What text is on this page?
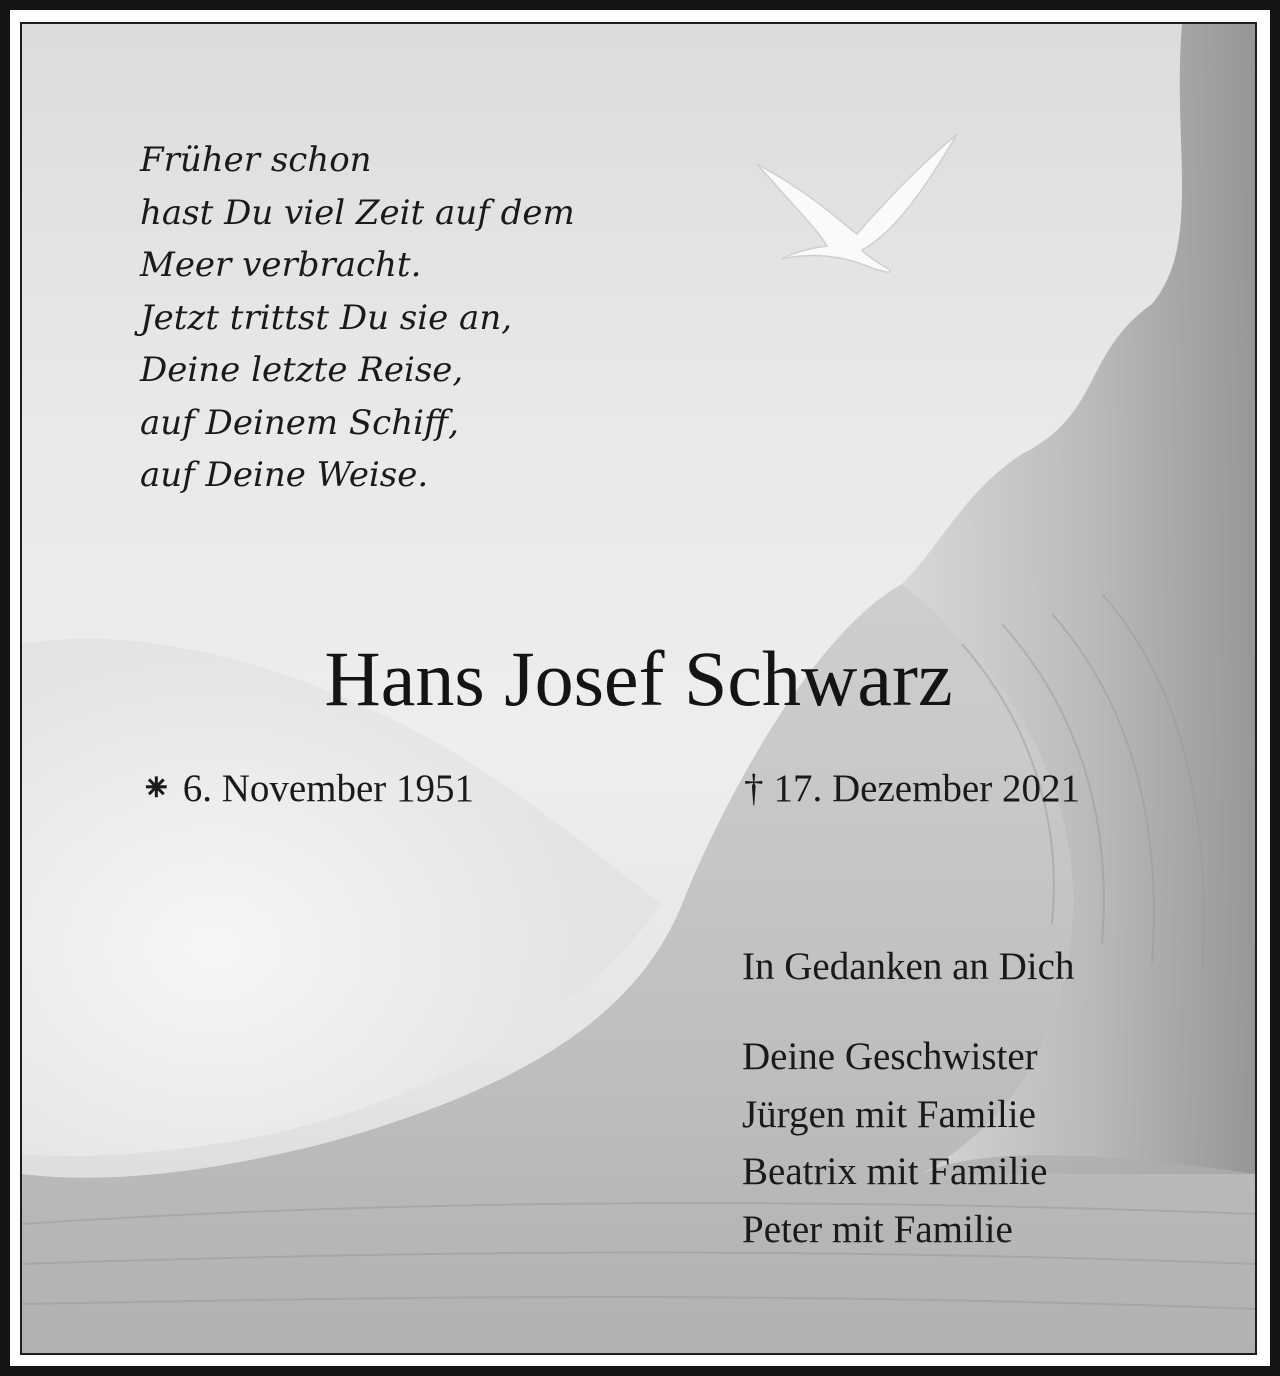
Früher schon
hast Du viel Zeit auf dem
Meer verbracht.
Jetzt trittst Du sie an,
Deine letzte Reise,
auf Deinem Schiff,
auf Deine Weise.

Hans Josef Schwarz
⁕ 6. November 1951	† 17. Dezember 2021
In Gedanken an Dich
Deine Geschwister
Jürgen mit Familie
Beatrix mit Familie
Peter mit Familie
